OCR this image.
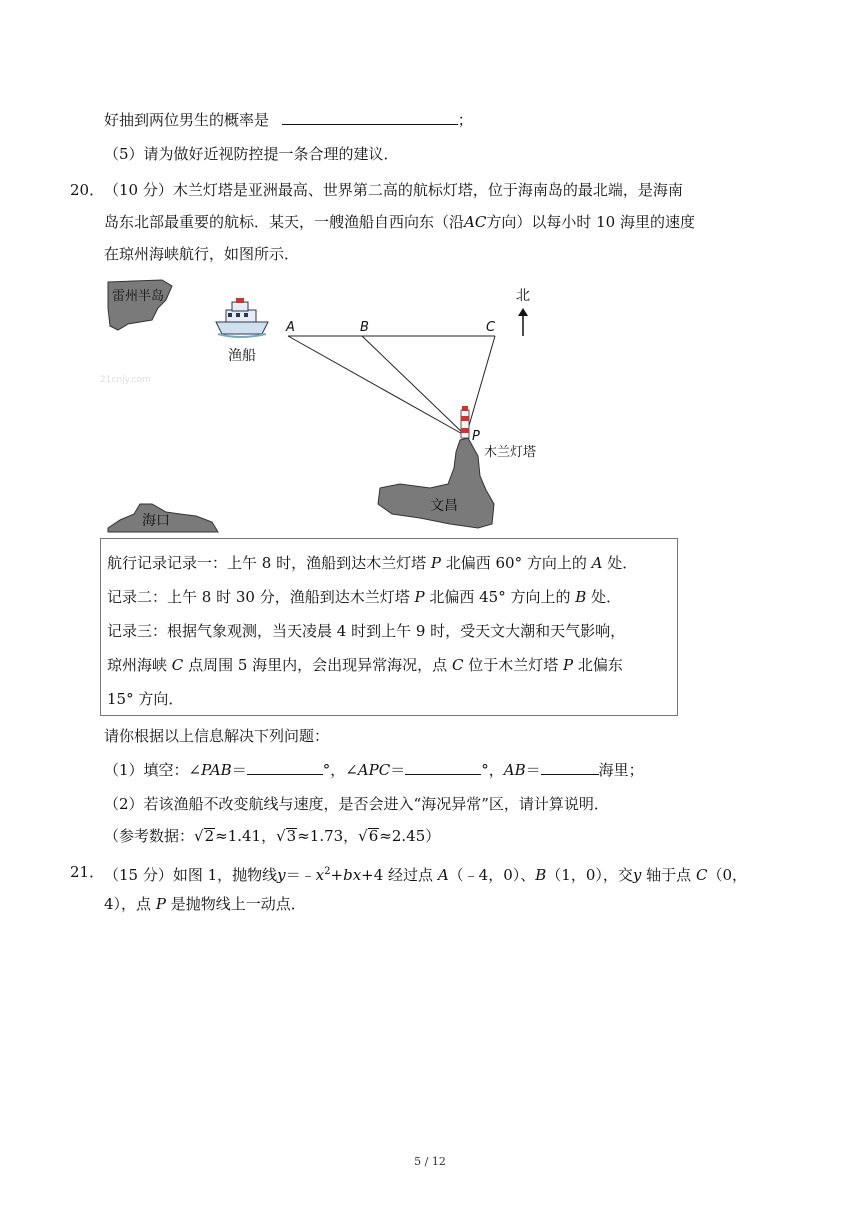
好抽到两位男生的概率是	；
（5）请为做好近视防控提一条合理的建议．
20． （10 分）木兰灯塔是亚洲最高、世界第二高的航标灯塔，位于海南岛的最北端，是海南
岛东北部最重要的航标．某天，一艘渔船自西向东（沿AC方向）以每小时 10 海里的速度
在琼州海峡航行，如图所示．
雷州半岛
渔船
A	B	C
北
21cnjy.com
P
木兰灯塔
文昌
海口
航行记录记录一：上午 8 时，渔船到达木兰灯塔 P 北偏西 60° 方向上的 A 处．
记录二：上午 8 时 30 分，渔船到达木兰灯塔 P 北偏西 45° 方向上的 B 处．
记录三：根据气象观测，当天凌晨 4 时到上午 9 时，受天文大潮和天气影响，
琼州海峡 C 点周围 5 海里内，会出现异常海况，点 C 位于木兰灯塔 P 北偏东
15° 方向．
请你根据以上信息解决下列问题：
（1）填空：∠PAB＝	°，∠APC＝	°，AB＝	海里；
（2）若该渔船不改变航线与速度，是否会进入“海况异常”区，请计算说明．
（参考数据：√2≈1.41，√3≈1.73，√6≈2.45）
21． （15 分）如图 1，抛物线$y=﹣x^2+bx+4$ 经过点 A（﹣4，0）、B（1，0），交y 轴于点 C（0，
4），点 P 是抛物线上一动点．
5 / 12
